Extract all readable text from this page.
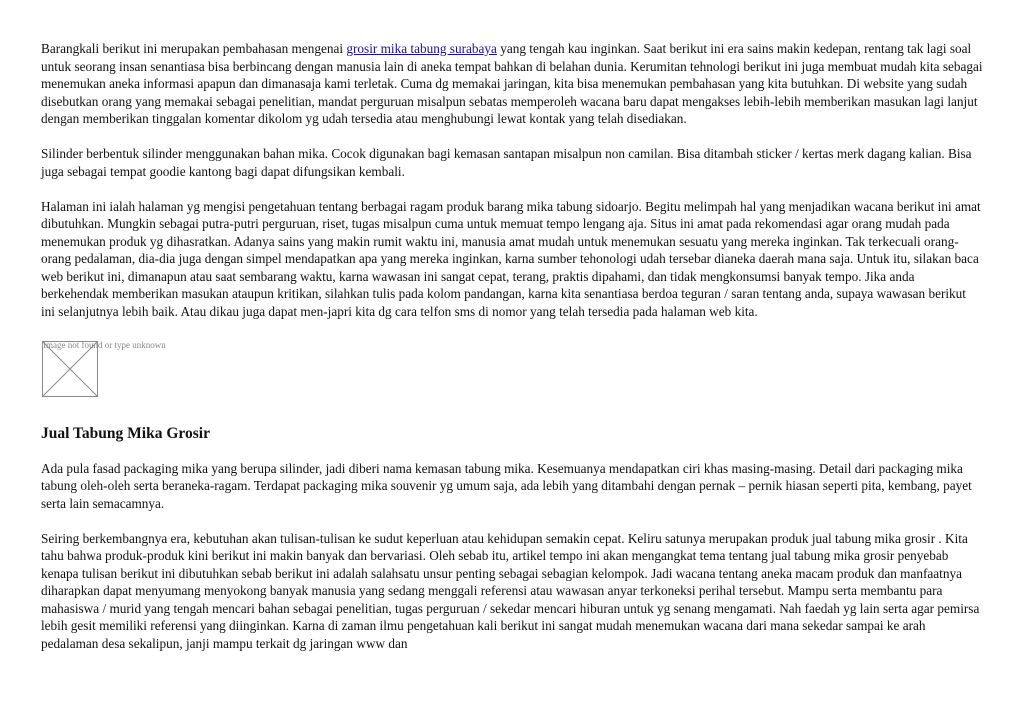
Barangkali berikut ini merupakan pembahasan mengenai grosir mika tabung surabaya yang tengah kau inginkan. Saat berikut ini era sains makin kedepan, rentang tak lagi soal untuk seorang insan senantiasa bisa berbincang dengan manusia lain di aneka tempat bahkan di belahan dunia. Kerumitan tehnologi berikut ini juga membuat mudah kita sebagai menemukan aneka informasi apapun dan dimanasaja kami terletak. Cuma dg memakai jaringan, kita bisa menemukan pembahasan yang kita butuhkan. Di website yang sudah disebutkan orang yang memakai sebagai penelitian, mandat perguruan misalpun sebatas memperoleh wacana baru dapat mengakses lebih-lebih memberikan masukan lagi lanjut dengan memberikan tinggalan komentar dikolom yg udah tersedia atau menghubungi lewat kontak yang telah disediakan.

Silinder berbentuk silinder menggunakan bahan mika. Cocok digunakan bagi kemasan santapan misalpun non camilan. Bisa ditambah sticker / kertas merk dagang kalian. Bisa juga sebagai tempat goodie kantong bagi dapat difungsikan kembali.

Halaman ini ialah halaman yg mengisi pengetahuan tentang berbagai ragam produk barang mika tabung sidoarjo. Begitu melimpah hal yang menjadikan wacana berikut ini amat dibutuhkan. Mungkin sebagai putra-putri perguruan, riset, tugas misalpun cuma untuk memuat tempo lengang aja. Situs ini amat pada rekomendasi agar orang mudah pada menemukan produk yg dihasratkan. Adanya sains yang makin rumit waktu ini, manusia amat mudah untuk menemukan sesuatu yang mereka inginkan. Tak terkecuali orang-orang pedalaman, dia-dia juga dengan simpel mendapatkan apa yang mereka inginkan, karna sumber tehonologi udah tersebar dianeka daerah mana saja. Untuk itu, silakan baca web berikut ini, dimanapun atau saat sembarang waktu, karna wawasan ini sangat cepat, terang, praktis dipahami, dan tidak mengkonsumsi banyak tempo. Jika anda berkehendak memberikan masukan ataupun kritikan, silahkan tulis pada kolom pandangan, karna kita senantiasa berdoa teguran / saran tentang anda, supaya wawasan berikut ini selanjutnya lebih baik. Atau dikau juga dapat men-japri kita dg cara telfon sms di nomor yang telah tersedia pada halaman web kita.

Image not found or type unknown
Jual Tabung Mika Grosir

Ada pula fasad packaging mika yang berupa silinder, jadi diberi nama kemasan tabung mika. Kesemuanya mendapatkan ciri khas masing-masing. Detail dari packaging mika tabung oleh-oleh serta beraneka-ragam. Terdapat packaging mika souvenir yg umum saja, ada lebih yang ditambahi dengan pernak – pernik hiasan seperti pita, kembang, payet serta lain semacamnya.

Seiring berkembangnya era, kebutuhan akan tulisan-tulisan ke sudut keperluan atau kehidupan semakin cepat. Keliru satunya merupakan produk jual tabung mika grosir . Kita tahu bahwa produk-produk kini berikut ini makin banyak dan bervariasi. Oleh sebab itu, artikel tempo ini akan mengangkat tema tentang jual tabung mika grosir penyebab kenapa tulisan berikut ini dibutuhkan sebab berikut ini adalah salahsatu unsur penting sebagai sebagian kelompok. Jadi wacana tentang aneka macam produk dan manfaatnya diharapkan dapat menyumang menyokong banyak manusia yang sedang menggali referensi atau wawasan anyar terkoneksi perihal tersebut. Mampu serta membantu para mahasiswa / murid yang tengah mencari bahan sebagai penelitian, tugas perguruan / sekedar mencari hiburan untuk yg senang mengamati. Nah faedah yg lain serta agar pemirsa lebih gesit memiliki referensi yang diinginkan. Karna di zaman ilmu pengetahuan kali berikut ini sangat mudah menemukan wacana dari mana sekedar sampai ke arah pedalaman desa sekalipun, janji mampu terkait dg jaringan www dan
